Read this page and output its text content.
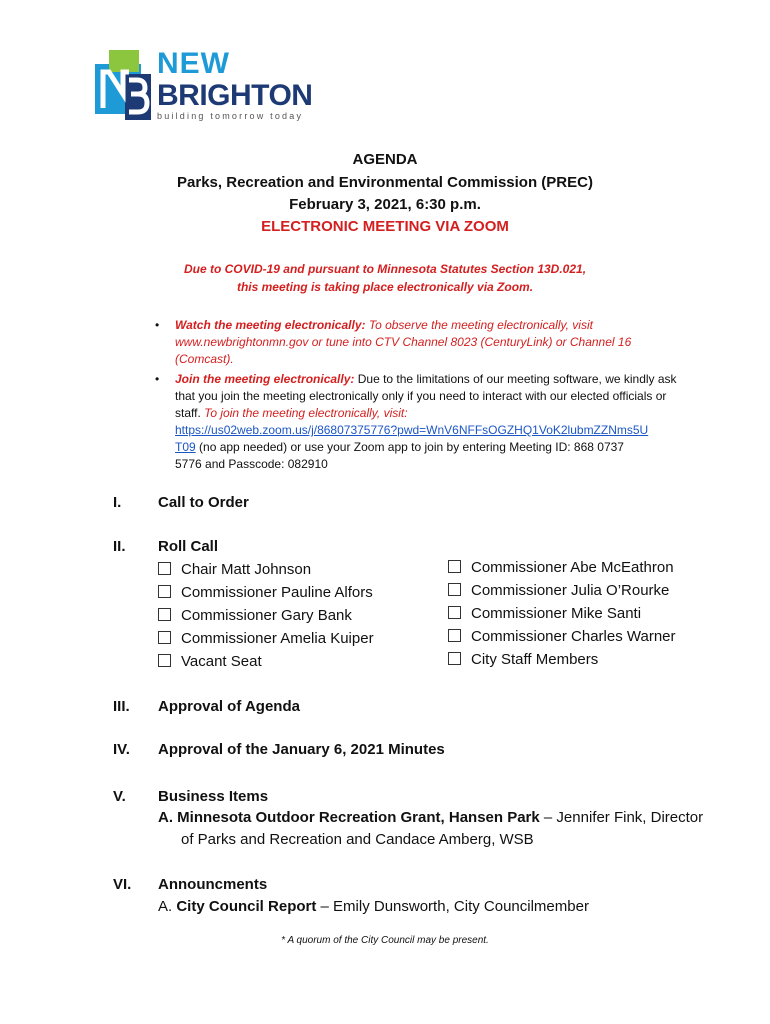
NEW
BRIGHTON
building tomorrow today
AGENDA
Parks, Recreation and Environmental Commission (PREC)
February 3, 2021, 6:30 p.m.
ELECTRONIC MEETING VIA ZOOM
Due to COVID-19 and pursuant to Minnesota Statutes Section 13D.021,
this meeting is taking place electronically via Zoom.
•	Watch the meeting electronically: To observe the meeting electronically, visit www.newbrightonmn.gov or tune into CTV Channel 8023 (CenturyLink) or Channel 16 (Comcast).
•	Join the meeting electronically: Due to the limitations of our meeting software, we kindly ask that you join the meeting electronically only if you need to interact with our elected officials or staff. To join the meeting electronically, visit:
https://us02web.zoom.us/j/86807375776?pwd=WnV6NFFsOGZHQ1VoK2lubmZZNms5U
T09 (no app needed) or use your Zoom app to join by entering Meeting ID: 868 0737
5776 and Passcode: 082910
I. Call to Order
II. Roll Call
Chair Matt Johnson
Commissioner Pauline Alfors
Commissioner Gary Bank
Commissioner Amelia Kuiper
Vacant Seat
Commissioner Abe McEathron
Commissioner Julia O’Rourke
Commissioner Mike Santi
Commissioner Charles Warner
City Staff Members
III. Approval of Agenda
IV. Approval of the January 6, 2021 Minutes
V. Business Items
A. Minnesota Outdoor Recreation Grant, Hansen Park – Jennifer Fink, Director
of Parks and Recreation and Candace Amberg, WSB
VI. Announcments
A. City Council Report – Emily Dunsworth, City Councilmember
* A quorum of the City Council may be present.
